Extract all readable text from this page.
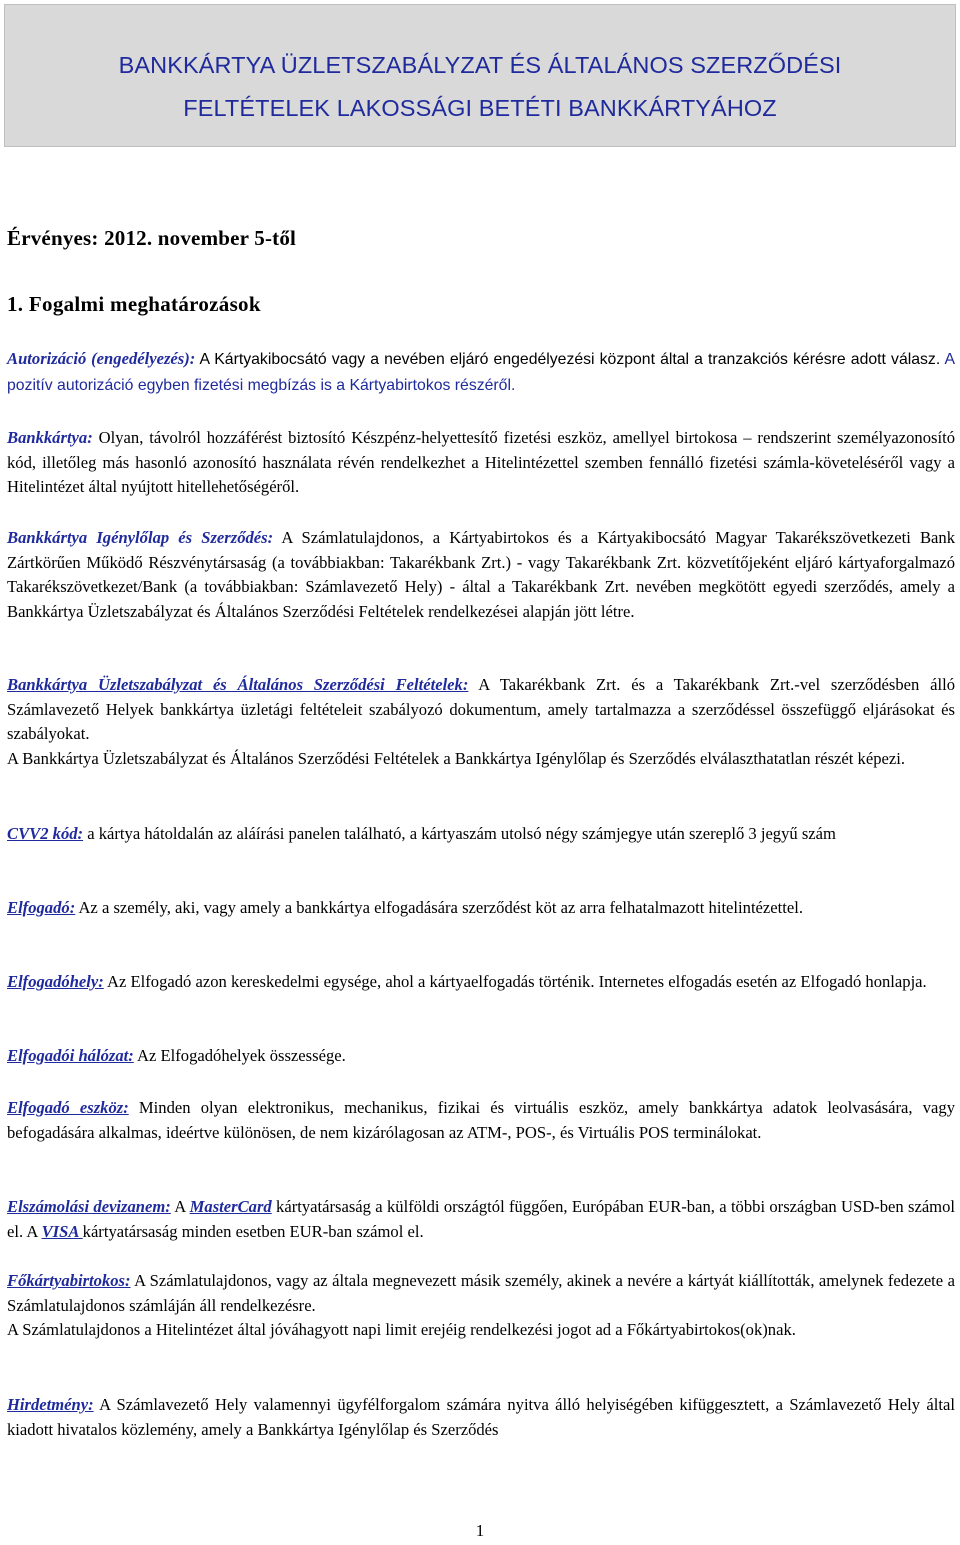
BANKKÁRTYA ÜZLETSZABÁLYZAT ÉS ÁLTALÁNOS SZERZŐDÉSI
FELTÉTELEK LAKOSSÁGI BETÉTI BANKKÁRTYÁHOZ
Érvényes: 2012. november 5-től
1. Fogalmi meghatározások
Autorizáció (engedélyezés): A Kártyakibocsátó vagy a nevében eljáró engedélyezési központ által a tranzakciós kérésre adott válasz. A pozitív autorizáció egyben fizetési megbízás is a Kártyabirtokos részéről.
Bankkártya: Olyan, távolról hozzáférést biztosító Készpénz-helyettesítő fizetési eszköz, amellyel birtokosa – rendszerint személyazonosító kód, illetőleg más hasonló azonosító használata révén rendelkezhet a Hitelintézettel szemben fennálló fizetési számla-követeléséről vagy a Hitelintézet által nyújtott hitellehetőségéről.
Bankkártya Igénylőlap és Szerződés: A Számlatulajdonos, a Kártyabirtokos és a Kártyakibocsátó Magyar Takarékszövetkezeti Bank Zártkörűen Működő Részvénytársaság (a továbbiakban: Takarékbank Zrt.) - vagy Takarékbank Zrt. közvetítőjeként eljáró kártyaforgalmazó Takarékszövetkezet/Bank (a továbbiakban: Számlavezető Hely) - által a Takarékbank Zrt. nevében megkötött egyedi szerződés, amely a Bankkártya Üzletszabályzat és Általános Szerződési Feltételek rendelkezései alapján jött létre.
Bankkártya Üzletszabályzat és Általános Szerződési Feltételek: A Takarékbank Zrt. és a Takarékbank Zrt.-vel szerződésben álló Számlavezető Helyek bankkártya üzletági feltételeit szabályozó dokumentum, amely tartalmazza a szerződéssel összefüggő eljárásokat és szabályokat.
A Bankkártya Üzletszabályzat és Általános Szerződési Feltételek a Bankkártya Igénylőlap és Szerződés elválaszthatatlan részét képezi.
CVV2 kód: a kártya hátoldalán az aláírási panelen található, a kártyaszám utolsó négy számjegye után szereplő 3 jegyű szám
Elfogadó: Az a személy, aki, vagy amely a bankkártya elfogadására szerződést köt az arra felhatalmazott hitelintézettel.
Elfogadóhely: Az Elfogadó azon kereskedelmi egysége, ahol a kártyaelfogadás történik. Internetes elfogadás esetén az Elfogadó honlapja.
Elfogadói hálózat: Az Elfogadóhelyek összessége.
Elfogadó eszköz: Minden olyan elektronikus, mechanikus, fizikai és virtuális eszköz, amely bankkártya adatok leolvasására, vagy befogadására alkalmas, ideértve különösen, de nem kizárólagosan az ATM-, POS-, és Virtuális POS terminálokat.
Elszámolási devizanem: A MasterCard kártyatársaság a külföldi országtól függően, Európában EUR-ban, a többi országban USD-ben számol el. A VISA kártyatársaság minden esetben EUR-ban számol el.
Főkártyabirtokos: A Számlatulajdonos, vagy az általa megnevezett másik személy, akinek a nevére a kártyát kiállították, amelynek fedezete a Számlatulajdonos számláján áll rendelkezésre.
A Számlatulajdonos a Hitelintézet által jóváhagyott napi limit erejéig rendelkezési jogot ad a Főkártyabirtokos(ok)nak.
Hirdetmény: A Számlavezető Hely valamennyi ügyfélforgalom számára nyitva álló helyiségében kifüggesztett, a Számlavezető Hely által kiadott hivatalos közlemény, amely a Bankkártya Igénylőlap és Szerződés
1
